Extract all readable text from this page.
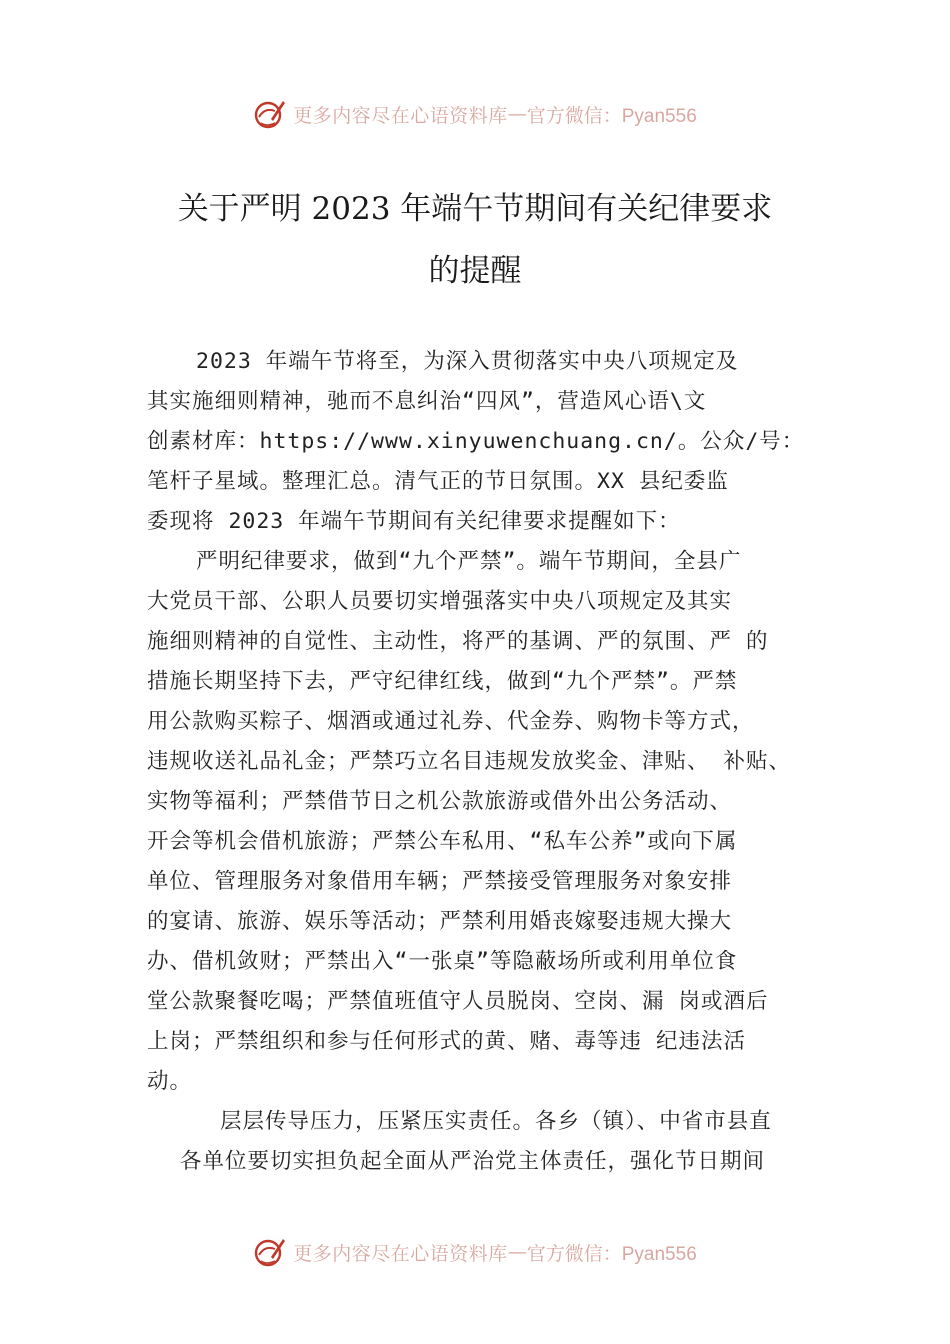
更多内容尽在心语资料库 — 官方微信：Pyan556
关于严明 2023 年端午节期间有关纪律要求
的提醒
2023 年端午节将至，为深入贯彻落实中央八项规定及
其实施细则精神，驰而不息纠治“四风”，营造风心语\文
创素材库：https://www.xinyuwenchuang.cn/。公众/号：
笔杆子星域。整理汇总。清气正的节日氛围。XX 县纪委监
委现将 2023 年端午节期间有关纪律要求提醒如下：
严明纪律要求，做到“九个严禁”。端午节期间，全县广
大党员干部、公职人员要切实增强落实中央八项规定及其实
施细则精神的自觉性、主动性，将严的基调、严的氛围、严 的
措施长期坚持下去，严守纪律红线，做到“九个严禁”。严禁
用公款购买粽子、烟酒或通过礼券、代金券、购物卡等方式，
违规收送礼品礼金；严禁巧立名目违规发放奖金、津贴、 补贴、
实物等福利；严禁借节日之机公款旅游或借外出公务活动、
开会等机会借机旅游；严禁公车私用、“私车公养”或向下属
单位、管理服务对象借用车辆；严禁接受管理服务对象安排
的宴请、旅游、娱乐等活动；严禁利用婚丧嫁娶违规大操大
办、借机敛财；严禁出入“一张桌”等隐蔽场所或利用单位食
堂公款聚餐吃喝；严禁值班值守人员脱岗、空岗、漏 岗或酒后
上岗；严禁组织和参与任何形式的黄、赌、毒等违 纪违法活
动。
层层传导压力，压紧压实责任。各乡（镇）、中省市县直
各单位要切实担负起全面从严治党主体责任，强化节日期间
更多内容尽在心语资料库 — 官方微信：Pyan556
